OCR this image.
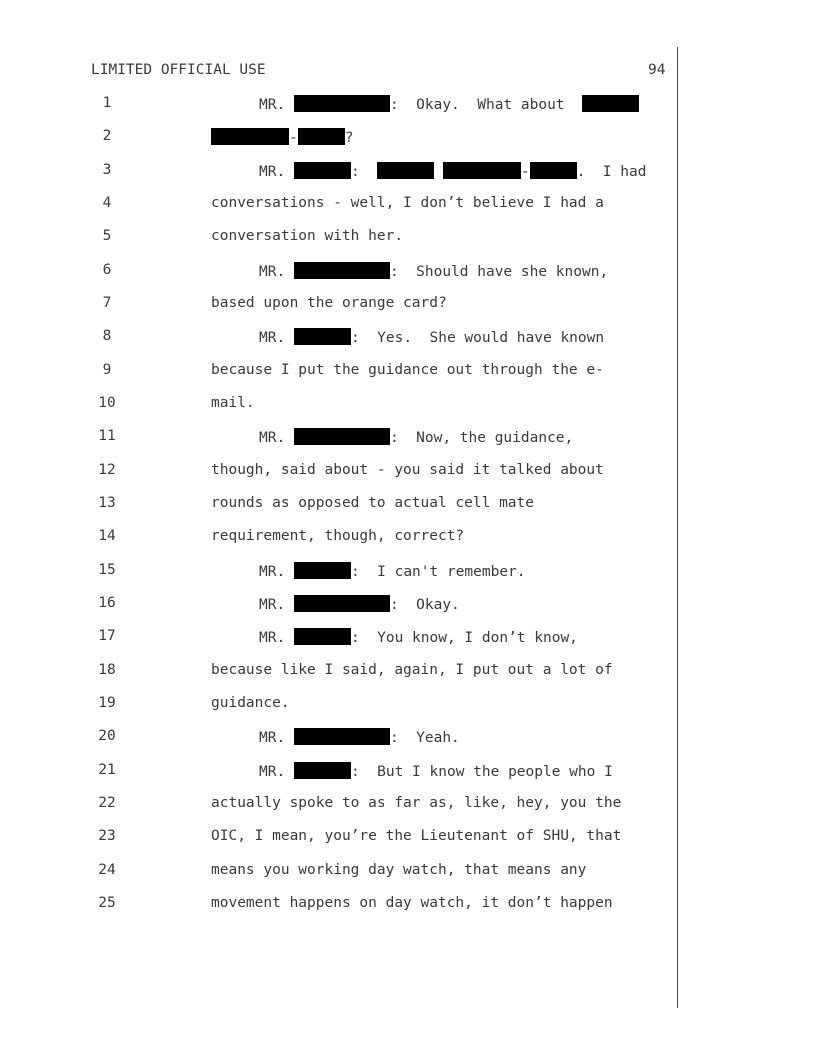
LIMITED OFFICIAL USE	94

1

	MR.	:  Okay.  What about

2

	-	?

3

	MR.	:	-	.  I had

4

	conversations - well, I don’t believe I had a

5

	conversation with her.

6

	MR.	:  Should have she known,

7

	based upon the orange card?

8

	MR.	:  Yes.  She would have known

9

	because I put the guidance out through the e-

10

	mail.

11

	MR.	:  Now, the guidance,

12

	though, said about - you said it talked about

13

	rounds as opposed to actual cell mate

14

	requirement, though, correct?

15

	MR.	:  I can't remember.

16

	MR.	:  Okay.

17

	MR.	:  You know, I don’t know,

18

	because like I said, again, I put out a lot of

19

	guidance.

20

	MR.	:  Yeah.

21

	MR.	:  But I know the people who I

22

	actually spoke to as far as, like, hey, you the

23

	OIC, I mean, you’re the Lieutenant of SHU, that

24

	means you working day watch, that means any

25

	movement happens on day watch, it don’t happen
